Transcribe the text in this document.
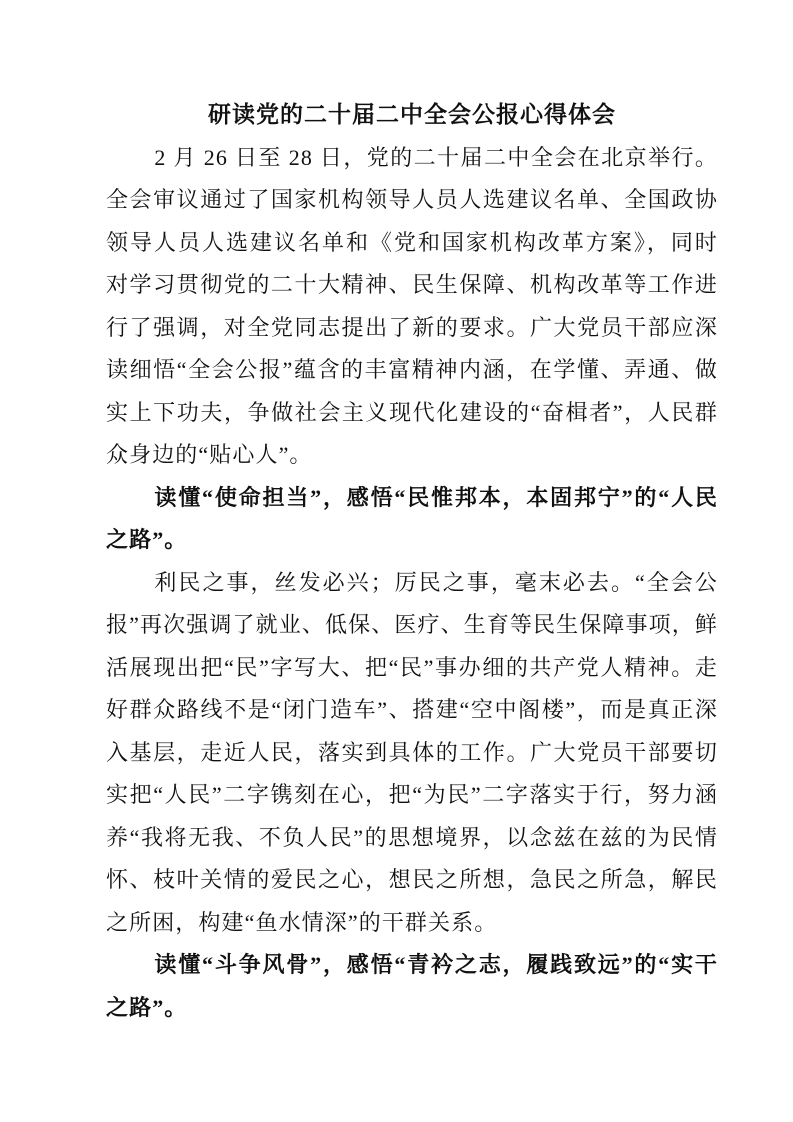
研读党的二十届二中全会公报心得体会

2 月 26 日至 28 日，党的二十届二中全会在北京举行。全会审议通过了国家机构领导人员人选建议名单、全国政协领导人员人选建议名单和《党和国家机构改革方案》，同时对学习贯彻党的二十大精神、民生保障、机构改革等工作进行了强调，对全党同志提出了新的要求。广大党员干部应深读细悟“全会公报”蕴含的丰富精神内涵，在学懂、弄通、做实上下功夫，争做社会主义现代化建设的“奋楫者”，人民群众身边的“贴心人”。

读懂“使命担当”，感悟“民惟邦本，本固邦宁”的“人民之路”。

利民之事，丝发必兴；厉民之事，毫末必去。“全会公报”再次强调了就业、低保、医疗、生育等民生保障事项，鲜活展现出把“民”字写大、把“民”事办细的共产党人精神。走好群众路线不是“闭门造车”、搭建“空中阁楼”，而是真正深入基层，走近人民，落实到具体的工作。广大党员干部要切实把“人民”二字镌刻在心，把“为民”二字落实于行，努力涵养“我将无我、不负人民”的思想境界，以念兹在兹的为民情怀、枝叶关情的爱民之心，想民之所想，急民之所急，解民之所困，构建“鱼水情深”的干群关系。

读懂“斗争风骨”，感悟“青衿之志，履践致远”的“实干之路”。
